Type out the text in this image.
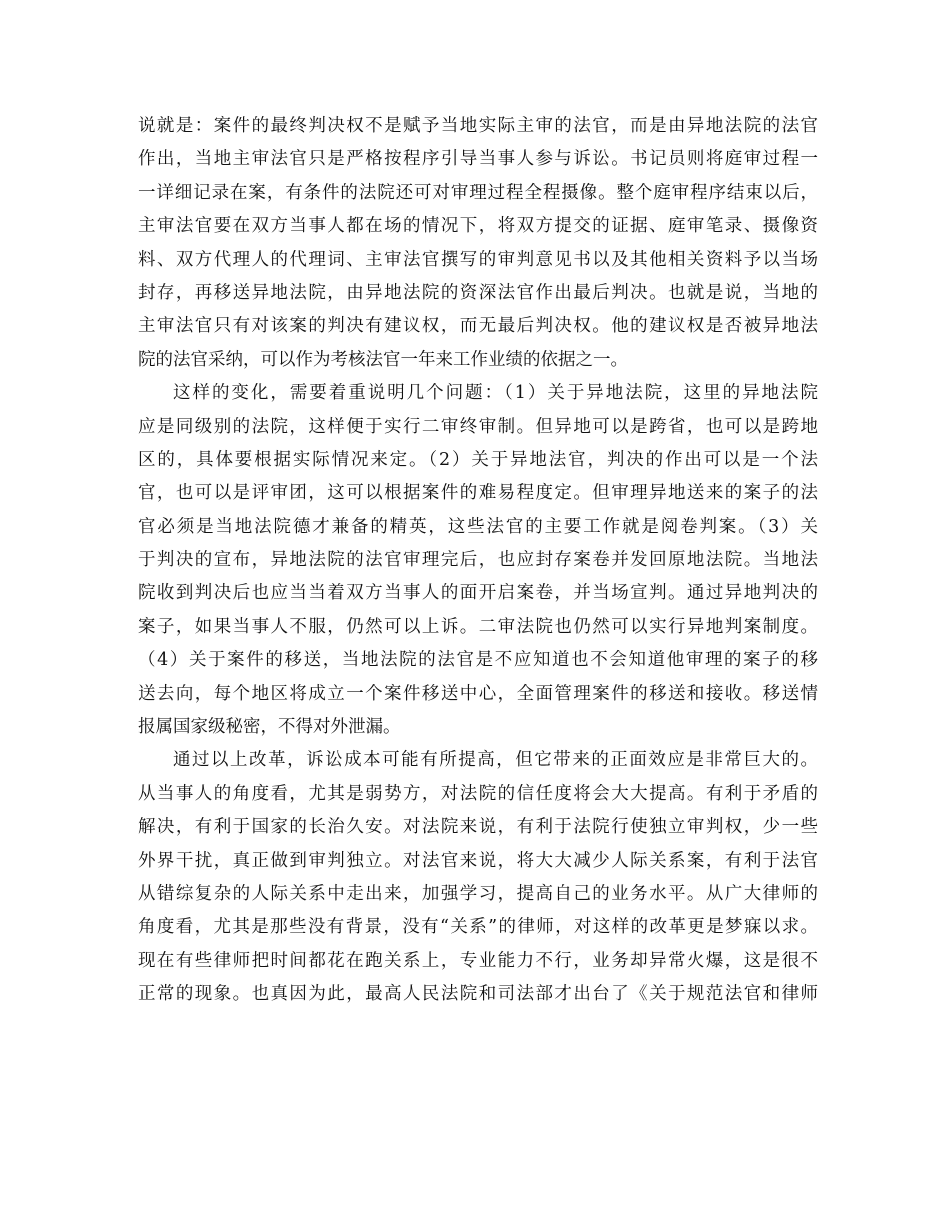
说就是：案件的最终判决权不是赋予当地实际主审的法官，而是由异地法院的法官
作出，当地主审法官只是严格按程序引导当事人参与诉讼。书记员则将庭审过程一
一详细记录在案，有条件的法院还可对审理过程全程摄像。整个庭审程序结束以后，
主审法官要在双方当事人都在场的情况下，将双方提交的证据、庭审笔录、摄像资
料、双方代理人的代理词、主审法官撰写的审判意见书以及其他相关资料予以当场
封存，再移送异地法院，由异地法院的资深法官作出最后判决。也就是说，当地的
主审法官只有对该案的判决有建议权，而无最后判决权。他的建议权是否被异地法
院的法官采纳，可以作为考核法官一年来工作业绩的依据之一。
这样的变化，需要着重说明几个问题：（1）关于异地法院，这里的异地法院
应是同级别的法院，这样便于实行二审终审制。但异地可以是跨省，也可以是跨地
区的，具体要根据实际情况来定。（2）关于异地法官，判决的作出可以是一个法
官，也可以是评审团，这可以根据案件的难易程度定。但审理异地送来的案子的法
官必须是当地法院德才兼备的精英，这些法官的主要工作就是阅卷判案。（3）关
于判决的宣布，异地法院的法官审理完后，也应封存案卷并发回原地法院。当地法
院收到判决后也应当当着双方当事人的面开启案卷，并当场宣判。通过异地判决的
案子，如果当事人不服，仍然可以上诉。二审法院也仍然可以实行异地判案制度。
（4）关于案件的移送，当地法院的法官是不应知道也不会知道他审理的案子的移
送去向，每个地区将成立一个案件移送中心，全面管理案件的移送和接收。移送情
报属国家级秘密，不得对外泄漏。
通过以上改革，诉讼成本可能有所提高，但它带来的正面效应是非常巨大的。
从当事人的角度看，尤其是弱势方，对法院的信任度将会大大提高。有利于矛盾的
解决，有利于国家的长治久安。对法院来说，有利于法院行使独立审判权，少一些
外界干扰，真正做到审判独立。对法官来说，将大大减少人际关系案，有利于法官
从错综复杂的人际关系中走出来，加强学习，提高自己的业务水平。从广大律师的
角度看，尤其是那些没有背景，没有“关系”的律师，对这样的改革更是梦寐以求。
现在有些律师把时间都花在跑关系上，专业能力不行，业务却异常火爆，这是很不
正常的现象。也真因为此，最高人民法院和司法部才出台了《关于规范法官和律师
